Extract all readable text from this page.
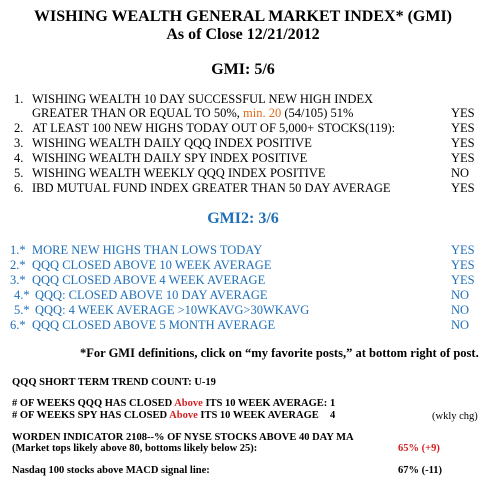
WISHING WEALTH GENERAL MARKET INDEX* (GMI)
As of Close 12/21/2012
GMI: 5/6
1. WISHING WEALTH 10 DAY SUCCESSFUL NEW HIGH INDEX
GREATER THAN OR EQUAL TO 50%, min. 20 (54/105) 51%	YES
2. AT LEAST 100 NEW HIGHS TODAY OUT OF 5,000+ STOCKS(119):	YES
3. WISHING WEALTH DAILY QQQ INDEX POSITIVE	YES
4. WISHING WEALTH DAILY SPY INDEX POSITIVE	YES
5. WISHING WEALTH WEEKLY QQQ INDEX POSITIVE	NO
6. IBD MUTUAL FUND INDEX GREATER THAN 50 DAY AVERAGE	YES
GMI2: 3/6
1.* MORE NEW HIGHS THAN LOWS TODAY	YES
2.* QQQ CLOSED ABOVE 10 WEEK AVERAGE	YES
3.* QQQ CLOSED ABOVE 4 WEEK AVERAGE	YES
4.* QQQ: CLOSED ABOVE 10 DAY AVERAGE	NO
5.* QQQ: 4 WEEK AVERAGE >10WKAVG>30WKAVG	NO
6.* QQQ CLOSED ABOVE 5 MONTH AVERAGE	NO
*For GMI definitions, click on “my favorite posts,” at bottom right of post.
QQQ SHORT TERM TREND COUNT: U-19
# OF WEEKS QQQ HAS CLOSED Above ITS 10 WEEK AVERAGE: 1
# OF WEEKS SPY HAS CLOSED Above ITS 10 WEEK AVERAGE 4	(wkly chg)
WORDEN INDICATOR 2108--% OF NYSE STOCKS ABOVE 40 DAY MA
(Market tops likely above 80, bottoms likely below 25):	65% (+9)
Nasdaq 100 stocks above MACD signal line:	67% (-11)
